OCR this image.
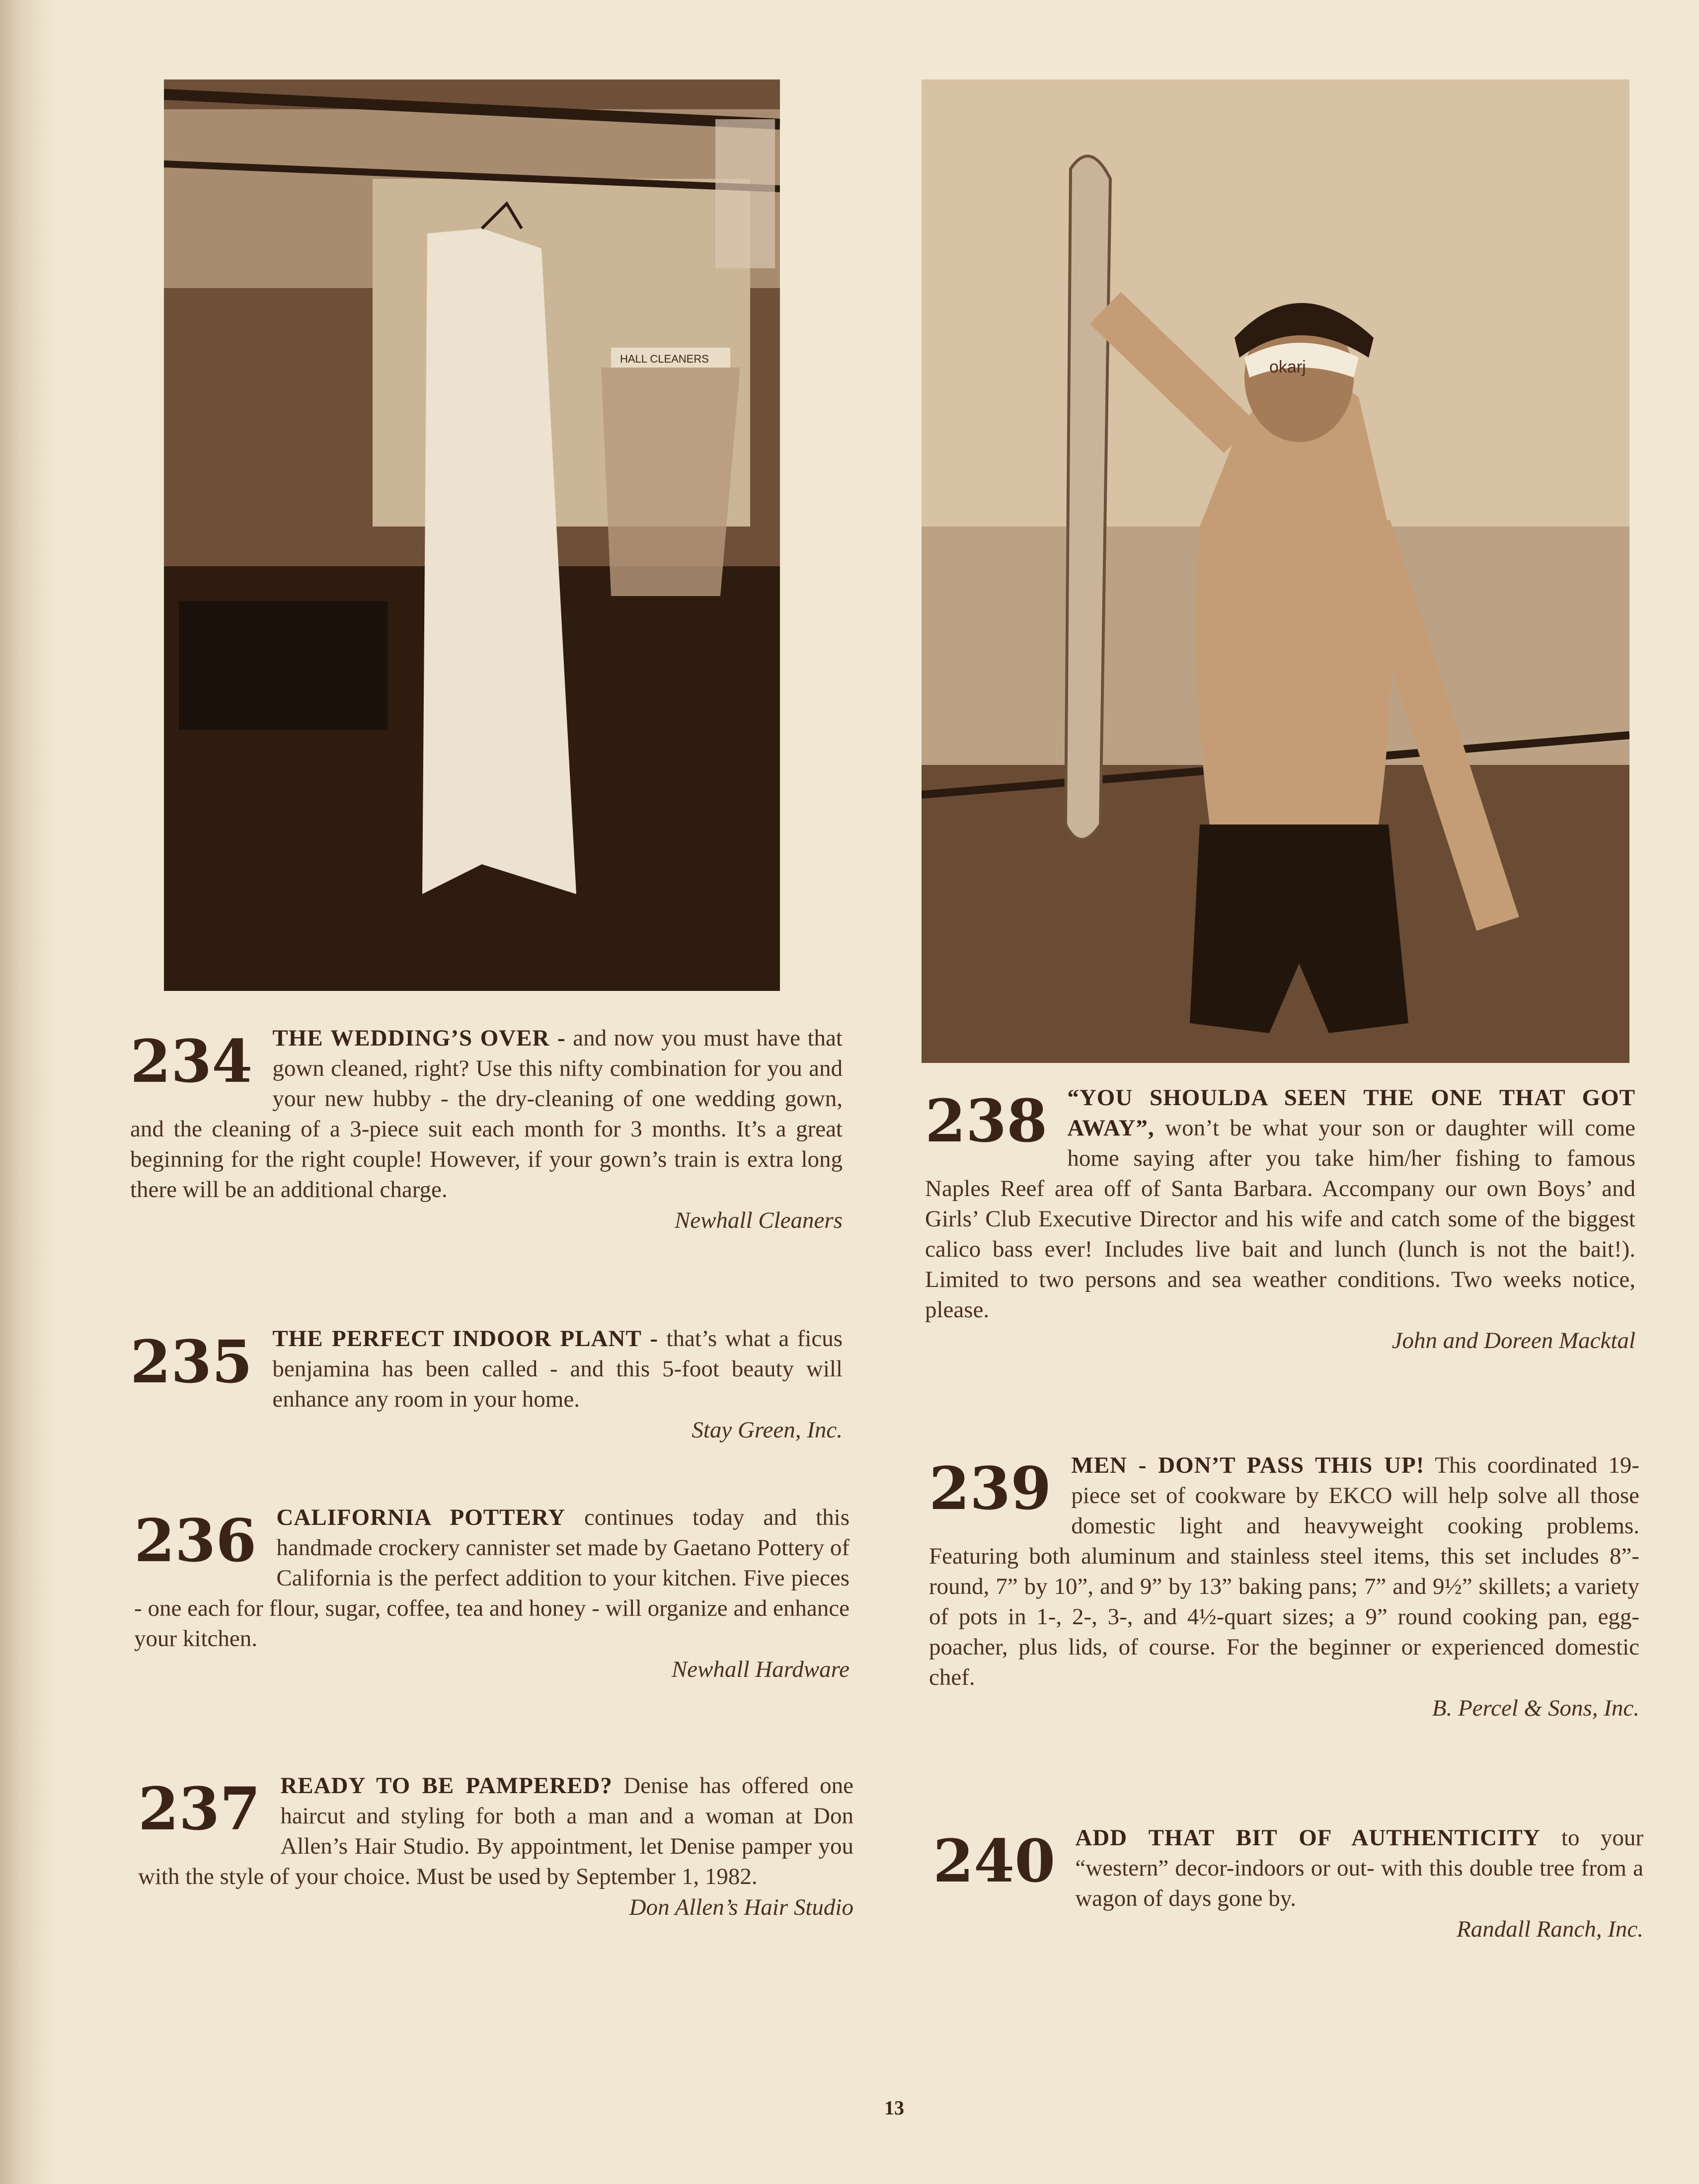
HALL CLEANERS	okarj
234 THE WEDDING’S OVER - and now you must have that gown cleaned, right? Use this nifty combination for you and your new hubby - the dry-cleaning of one wedding gown, and the cleaning of a 3-piece suit each month for 3 months. It’s a great beginning for the right couple! However, if your gown’s train is extra long there will be an additional charge.

Newhall Cleaners

235 THE PERFECT INDOOR PLANT - that’s what a ficus benjamina has been called - and this 5-foot beauty will enhance any room in your home.

Stay Green, Inc.

236 CALIFORNIA POTTERY continues today and this handmade crockery cannister set made by Gaetano Pottery of California is the perfect addition to your kitchen. Five pieces - one each for flour, sugar, coffee, tea and honey - will organize and enhance your kitchen.

Newhall Hardware

237 READY TO BE PAMPERED? Denise has offered one haircut and styling for both a man and a woman at Don Allen’s Hair Studio. By appointment, let Denise pamper you with the style of your choice. Must be used by September 1, 1982.

Don Allen’s Hair Studio

238 “YOU SHOULDA SEEN THE ONE THAT GOT AWAY”, won’t be what your son or daughter will come home saying after you take him/her fishing to famous Naples Reef area off of Santa Barbara. Accompany our own Boys’ and Girls’ Club Executive Director and his wife and catch some of the biggest calico bass ever! Includes live bait and lunch (lunch is not the bait!). Limited to two persons and sea weather conditions. Two weeks notice, please.

John and Doreen Macktal

239 MEN - DON’T PASS THIS UP! This coordinated 19-piece set of cookware by EKCO will help solve all those domestic light and heavyweight cooking problems. Featuring both aluminum and stainless steel items, this set includes 8”-round, 7” by 10”, and 9” by 13” baking pans; 7” and 9½” skillets; a variety of pots in 1-, 2-, 3-, and 4½-quart sizes; a 9” round cooking pan, egg-poacher, plus lids, of course. For the beginner or experienced domestic chef.

B. Percel & Sons, Inc.

240 ADD THAT BIT OF AUTHENTICITY to your “western” decor-indoors or out- with this double tree from a wagon of days gone by.

Randall Ranch, Inc.

13
